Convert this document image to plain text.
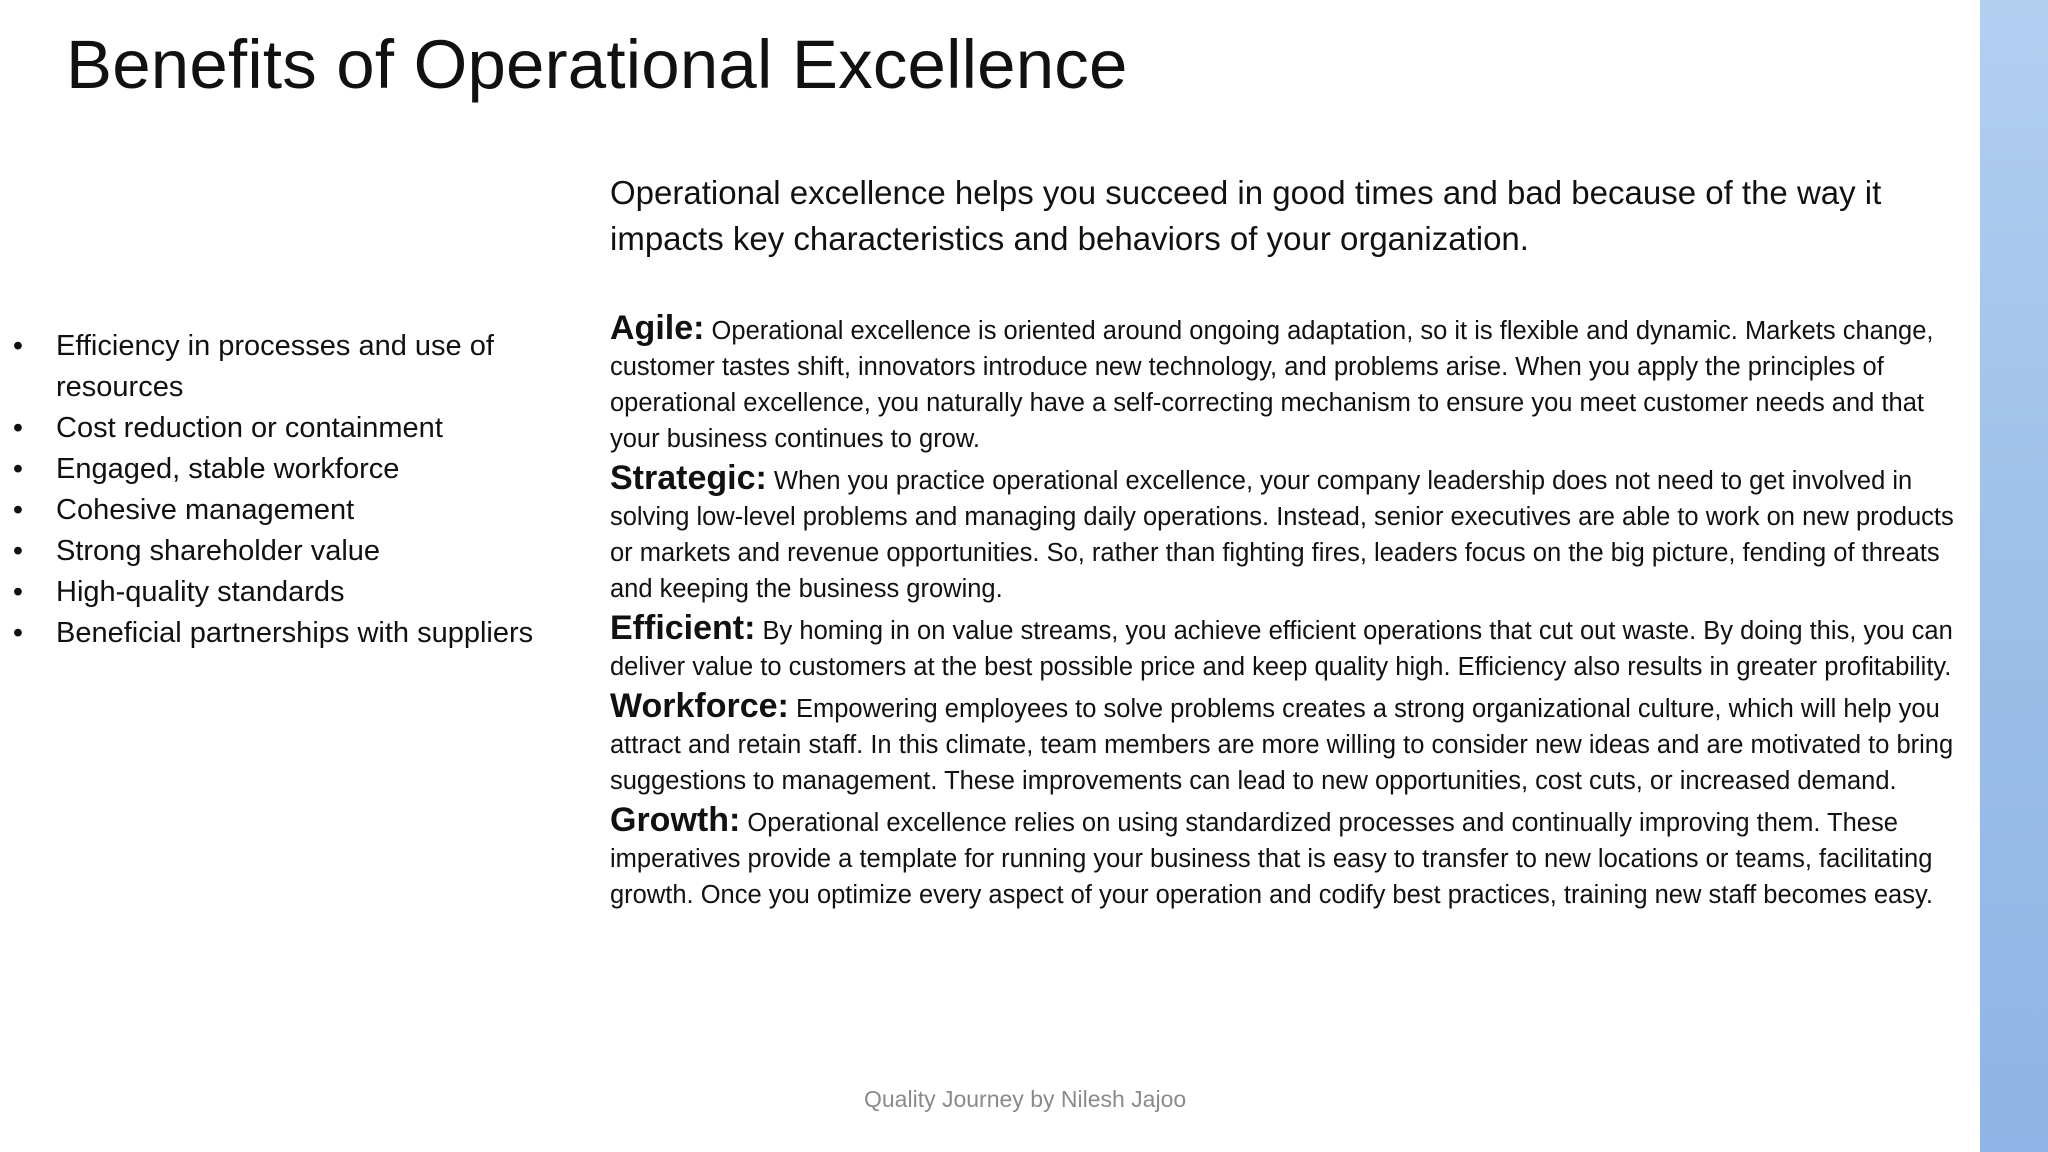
Benefits of Operational Excellence
• Efficiency in processes and use of resources
• Cost reduction or containment
• Engaged, stable workforce
• Cohesive management
• Strong shareholder value
• High-quality standards
• Beneficial partnerships with suppliers
Operational excellence helps you succeed in good times and bad because of the way it impacts key characteristics and behaviors of your organization.

Agile: Operational excellence is oriented around ongoing adaptation, so it is flexible and dynamic. Markets change, customer tastes shift, innovators introduce new technology, and problems arise. When you apply the principles of operational excellence, you naturally have a self-correcting mechanism to ensure you meet customer needs and that your business continues to grow.

Strategic: When you practice operational excellence, your company leadership does not need to get involved in solving low-level problems and managing daily operations. Instead, senior executives are able to work on new products or markets and revenue opportunities. So, rather than fighting fires, leaders focus on the big picture, fending of threats and keeping the business growing.

Efficient: By homing in on value streams, you achieve efficient operations that cut out waste. By doing this, you can deliver value to customers at the best possible price and keep quality high. Efficiency also results in greater profitability.

Workforce: Empowering employees to solve problems creates a strong organizational culture, which will help you attract and retain staff. In this climate, team members are more willing to consider new ideas and are motivated to bring suggestions to management. These improvements can lead to new opportunities, cost cuts, or increased demand.

Growth: Operational excellence relies on using standardized processes and continually improving them. These imperatives provide a template for running your business that is easy to transfer to new locations or teams, facilitating growth. Once you optimize every aspect of your operation and codify best practices, training new staff becomes easy.

Quality Journey by Nilesh Jajoo
